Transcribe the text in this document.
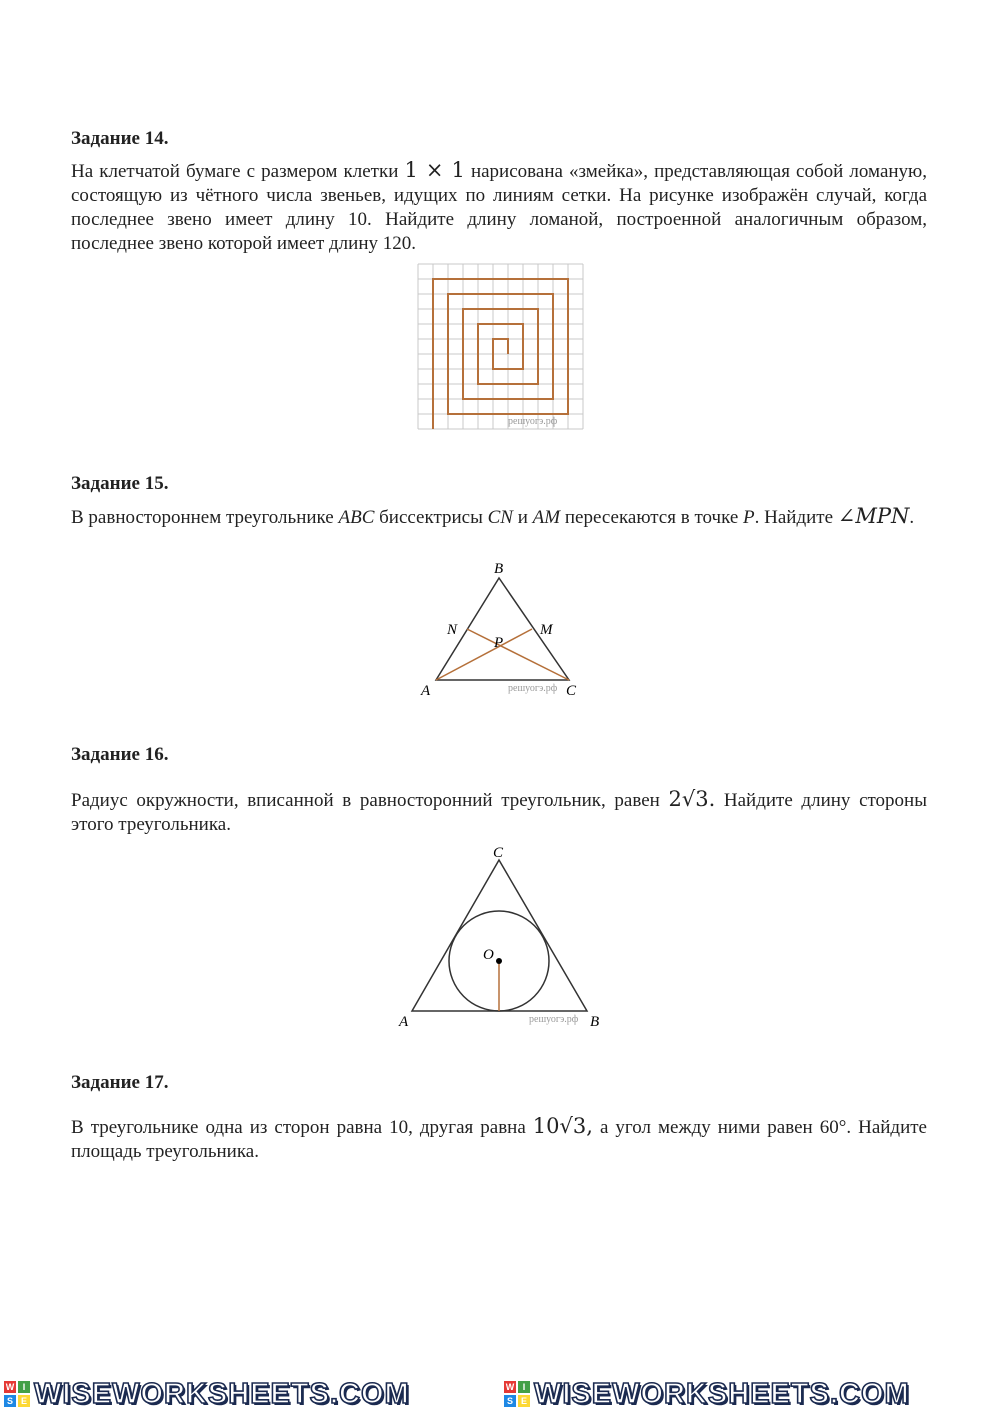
Задание 14.

На клетчатой бумаге с размером клетки 1 × 1 нарисована «змейка», представляющая собой ломаную, состоящую из чётного числа звеньев, идущих по линиям сетки. На рисунке изображён случай, когда последнее звено имеет длину 10. Найдите длину ломаной, построенной аналогичным образом, последнее звено которой имеет длину 120.

решуогэ.рф
Задание 15.

В равностороннем треугольнике ABC биссектрисы CN и AM пересекаются в точке P. Найдите ∠MPN.

B
N	M
P
A	C
решуогэ.рф
Задание 16.

Радиус окружности, вписанной в равносторонний треугольник, равен 2√3. Найдите длину стороны этого треугольника.

C
O
A	B
решуогэ.рф
Задание 17.

В треугольнике одна из сторон равна 10, другая равна 10√3, а угол между ними равен 60°. Найдите площадь треугольника.

W I
S E WISEWORKSHEETS.COM	W I
S E WISEWORKSHEETS.COM
